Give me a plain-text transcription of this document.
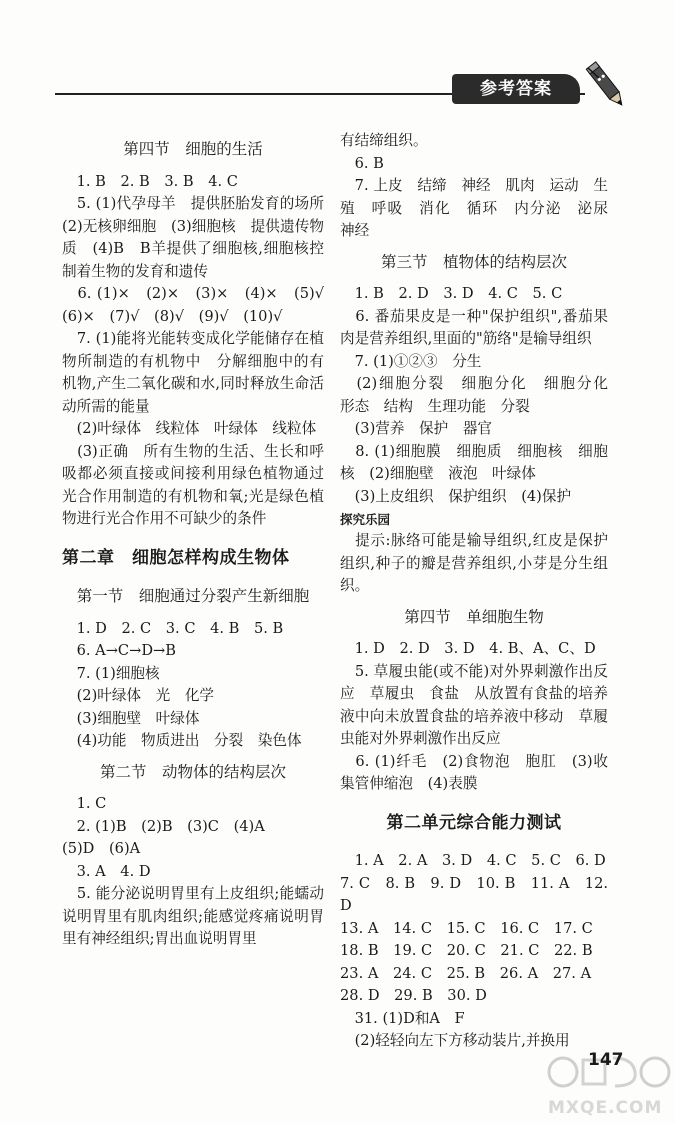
参考答案
第四节　细胞的生活
　1. B　2. B　3. B　4. C
　5. (1)代孕母羊　提供胚胎发育的场所　(2)无核卵细胞　(3)细胞核　提供遗传物质　(4)B　B羊提供了细胞核,细胞核控制着生物的发育和遗传
　6. (1)×　(2)×　(3)×　(4)×　(5)√　(6)×　(7)√　(8)√　(9)√　(10)√
　7. (1)能将光能转变成化学能储存在植物所制造的有机物中　分解细胞中的有机物,产生二氧化碳和水,同时释放生命活动所需的能量
　(2)叶绿体　线粒体　叶绿体　线粒体
　(3)正确　所有生物的生活、生长和呼吸都必须直接或间接利用绿色植物通过光合作用制造的有机物和氧;光是绿色植物进行光合作用不可缺少的条件
第二章　细胞怎样构成生物体
第一节　细胞通过分裂产生新细胞
　1. D　2. C　3. C　4. B　5. B
　6. A→C→D→B
　7. (1)细胞核
　(2)叶绿体　光　化学
　(3)细胞壁　叶绿体
　(4)功能　物质进出　分裂　染色体
第二节　动物体的结构层次
　1. C
　2. (1)B　(2)B　(3)C　(4)A
(5)D　(6)A
　3. A　4. D
　5. 能分泌说明胃里有上皮组织;能蠕动说明胃里有肌肉组织;能感觉疼痛说明胃里有神经组织;胃出血说明胃里
有结缔组织。
　6. B
　7. 上皮　结缔　神经　肌肉　运动　生殖　呼吸　消化　循环　内分泌　泌尿　神经
第三节　植物体的结构层次
　1. B　2. D　3. D　4. C　5. C
　6. 番茄果皮是一种"保护组织",番茄果肉是营养组织,里面的"筋络"是输导组织
　7. (1)①②③　分生
　(2)细胞分裂　细胞分化　细胞分化　形态　结构　生理功能　分裂
　(3)营养　保护　器官
　8. (1)细胞膜　细胞质　细胞核　细胞核　(2)细胞壁　液泡　叶绿体
　(3)上皮组织　保护组织　(4)保护
探究乐园
　提示:脉络可能是输导组织,红皮是保护组织,种子的瓣是营养组织,小芽是分生组织。
第四节　单细胞生物
　1. D　2. D　3. D　4. B、A、C、D
　5. 草履虫能(或不能)对外界刺激作出反应　草履虫　食盐　从放置有食盐的培养液中向未放置食盐的培养液中移动　草履虫能对外界刺激作出反应
　6. (1)纤毛　(2)食物泡　胞肛　(3)收集管伸缩泡　(4)表膜
第二单元综合能力测试
　1. A　2. A　3. D　4. C　5. C　6. D
7. C　8. B　9. D　10. B　11. A　12. D
13. A　14. C　15. C　16. C　17. C
18. B　19. C　20. C　21. C　22. B
23. A　24. C　25. B　26. A　27. A
28. D　29. B　30. D
　31. (1)D和A　F
　(2)轻轻向左下方移动装片,并换用
MXQE.COM
147
